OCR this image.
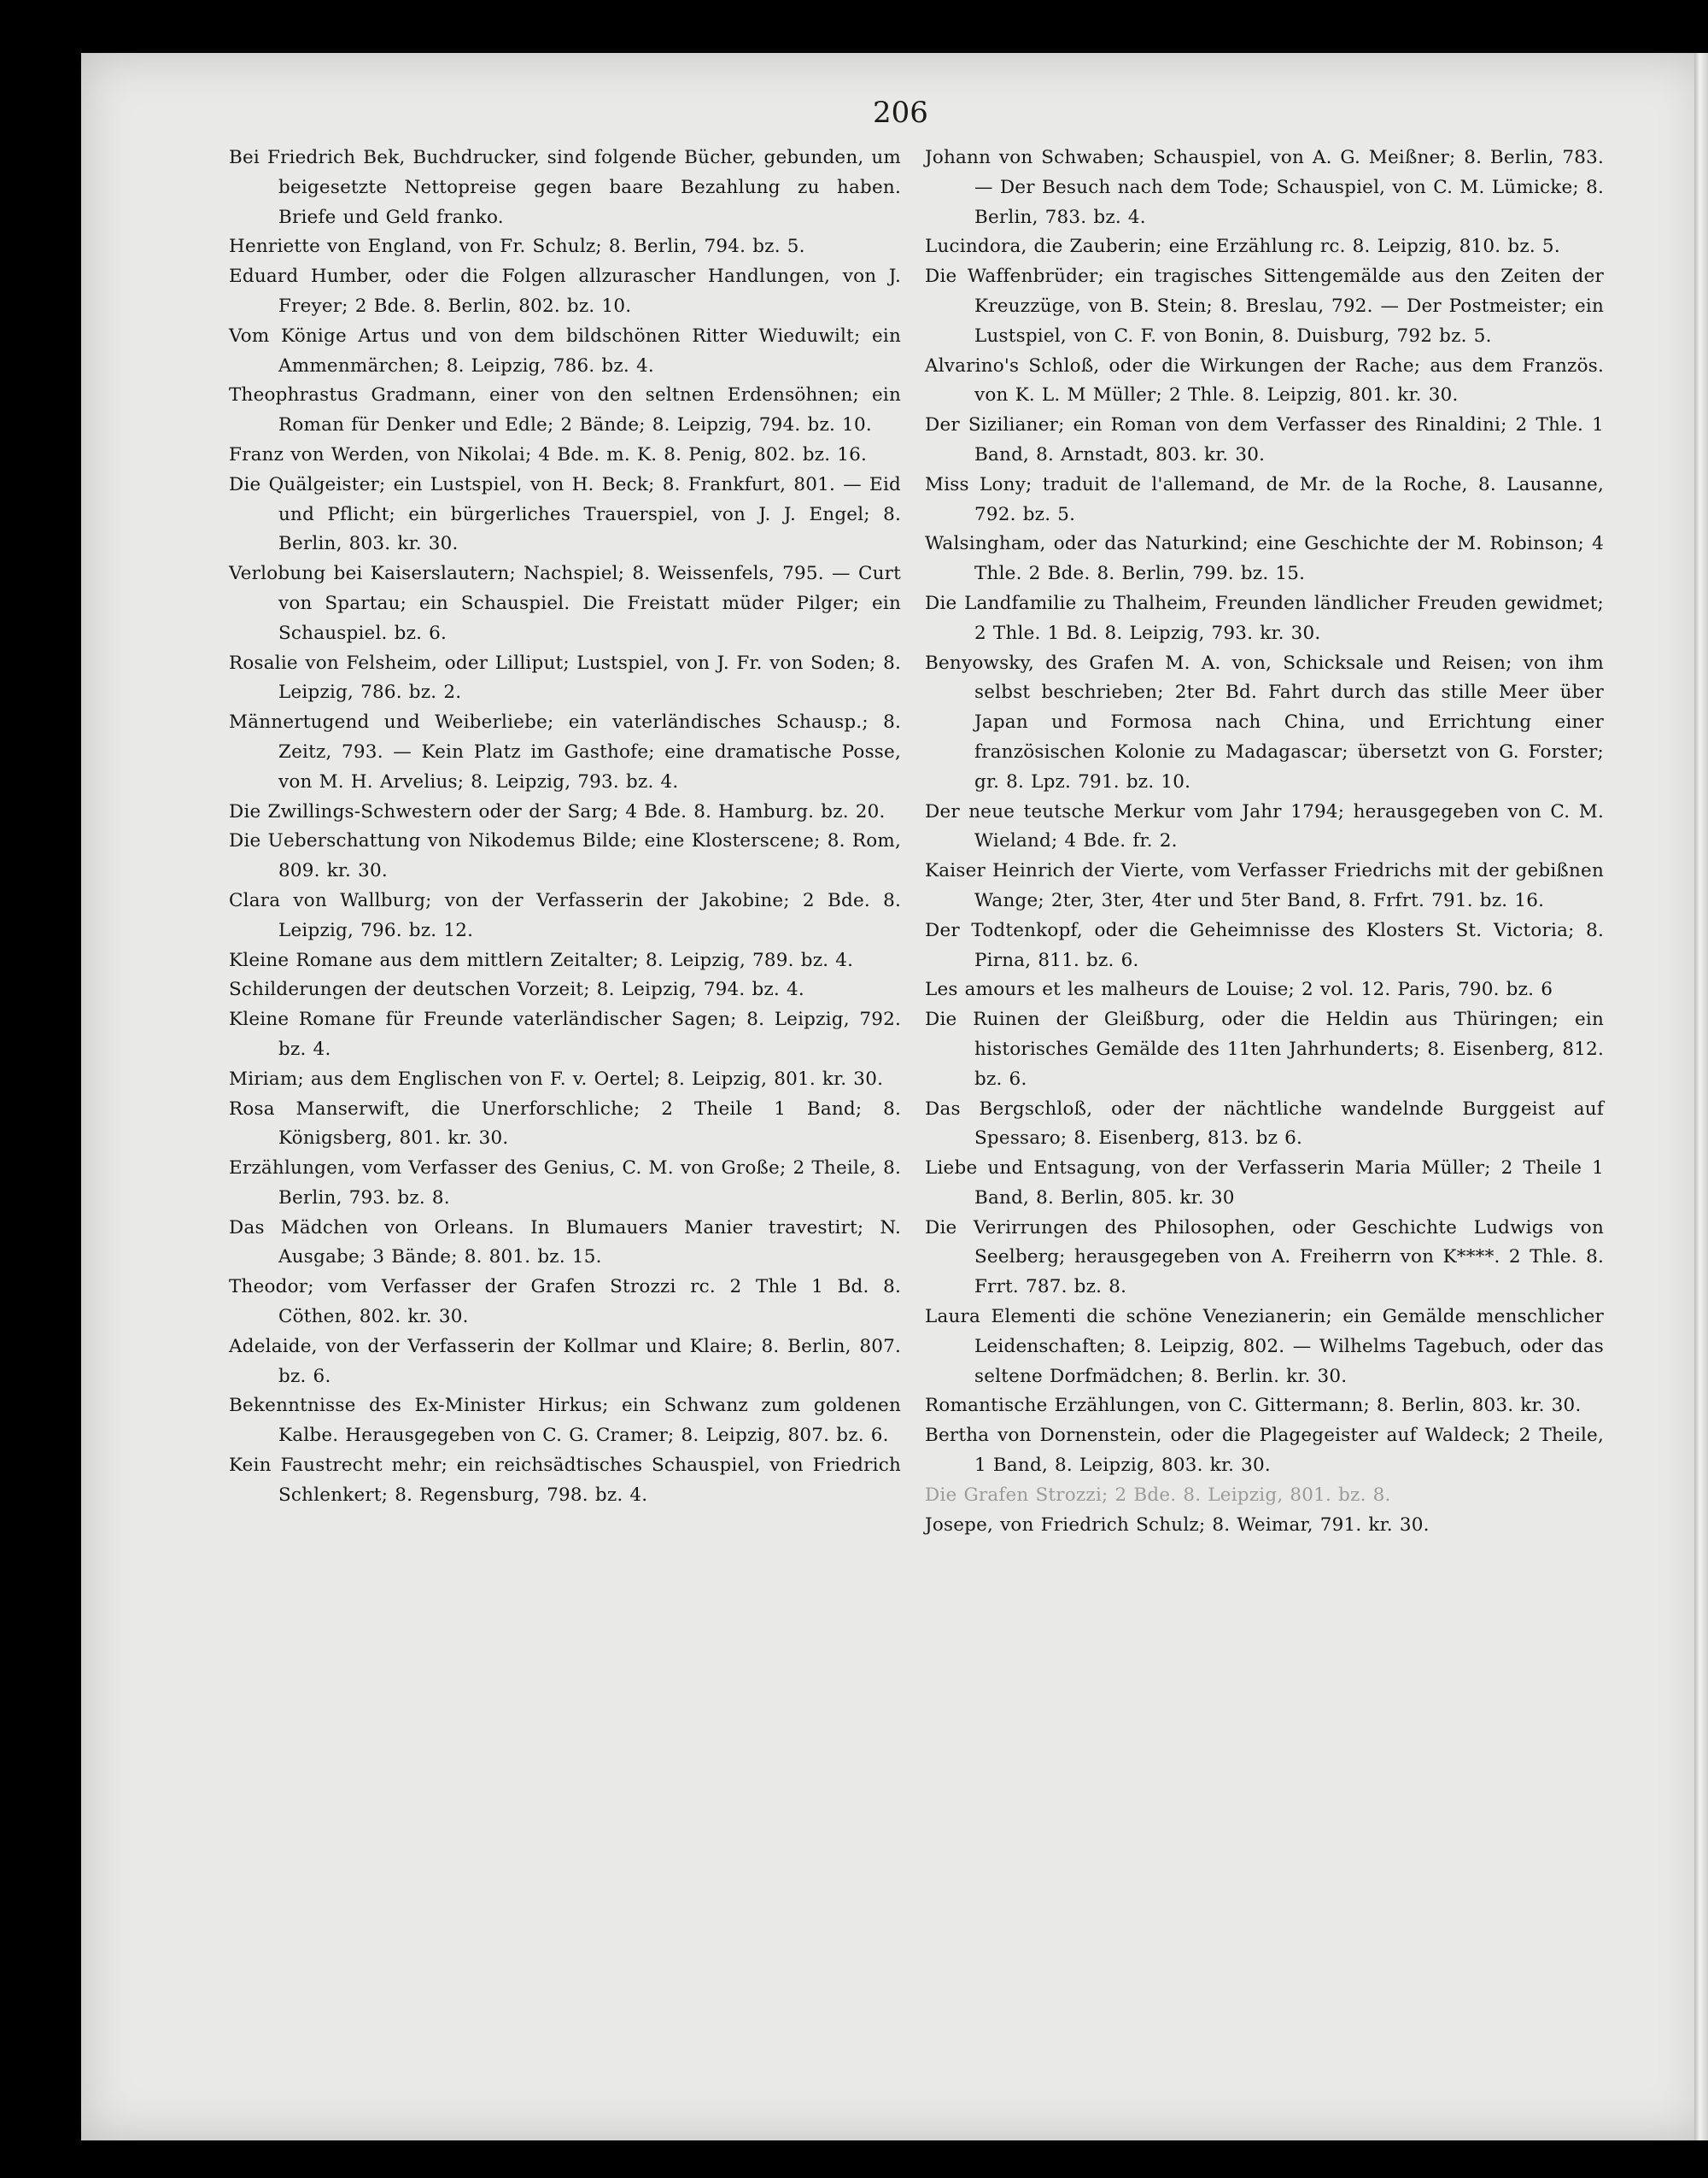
206

Bei Friedrich Bek, Buchdrucker, sind folgende Bücher, gebunden, um beigesetzte Nettopreise gegen baare Bezahlung zu haben. Briefe und Geld franko.

Henriette von England, von Fr. Schulz; 8. Berlin, 794. bz. 5.

Eduard Humber, oder die Folgen allzurascher Handlungen, von J. Freyer; 2 Bde. 8. Berlin, 802. bz. 10.

Vom Könige Artus und von dem bildschönen Ritter Wieduwilt; ein Ammenmärchen; 8. Leipzig, 786. bz. 4.

Theophrastus Gradmann, einer von den seltnen Erdensöhnen; ein Roman für Denker und Edle; 2 Bände; 8. Leipzig, 794. bz. 10.

Franz von Werden, von Nikolai; 4 Bde. m. K. 8. Penig, 802. bz. 16.

Die Quälgeister; ein Lustspiel, von H. Beck; 8. Frankfurt, 801. — Eid und Pflicht; ein bürgerliches Trauerspiel, von J. J. Engel; 8. Berlin, 803. kr. 30.

Verlobung bei Kaiserslautern; Nachspiel; 8. Weissenfels, 795. — Curt von Spartau; ein Schauspiel. Die Freistatt müder Pilger; ein Schauspiel. bz. 6.

Rosalie von Felsheim, oder Lilliput; Lustspiel, von J. Fr. von Soden; 8. Leipzig, 786. bz. 2.

Männertugend und Weiberliebe; ein vaterländisches Schausp.; 8. Zeitz, 793. — Kein Platz im Gasthofe; eine dramatische Posse, von M. H. Arvelius; 8. Leipzig, 793. bz. 4.

Die Zwillings-Schwestern oder der Sarg; 4 Bde. 8. Hamburg. bz. 20.

Die Ueberschattung von Nikodemus Bilde; eine Klosterscene; 8. Rom, 809. kr. 30.

Clara von Wallburg; von der Verfasserin der Jakobine; 2 Bde. 8. Leipzig, 796. bz. 12.

Kleine Romane aus dem mittlern Zeitalter; 8. Leipzig, 789. bz. 4.

Schilderungen der deutschen Vorzeit; 8. Leipzig, 794. bz. 4.

Kleine Romane für Freunde vaterländischer Sagen; 8. Leipzig, 792. bz. 4.

Miriam; aus dem Englischen von F. v. Oertel; 8. Leipzig, 801. kr. 30.

Rosa Manserwift, die Unerforschliche; 2 Theile 1 Band; 8. Königsberg, 801. kr. 30.

Erzählungen, vom Verfasser des Genius, C. M. von Große; 2 Theile, 8. Berlin, 793. bz. 8.

Das Mädchen von Orleans. In Blumauers Manier travestirt; N. Ausgabe; 3 Bände; 8. 801. bz. 15.

Theodor; vom Verfasser der Grafen Strozzi rc. 2 Thle 1 Bd. 8. Cöthen, 802. kr. 30.

Adelaide, von der Verfasserin der Kollmar und Klaire; 8. Berlin, 807. bz. 6.

Bekenntnisse des Ex-Minister Hirkus; ein Schwanz zum goldenen Kalbe. Herausgegeben von C. G. Cramer; 8. Leipzig, 807. bz. 6.

Kein Faustrecht mehr; ein reichsädtisches Schauspiel, von Friedrich Schlenkert; 8. Regensburg, 798. bz. 4.

Johann von Schwaben; Schauspiel, von A. G. Meißner; 8. Berlin, 783. — Der Besuch nach dem Tode; Schauspiel, von C. M. Lümicke; 8. Berlin, 783. bz. 4.

Lucindora, die Zauberin; eine Erzählung rc. 8. Leipzig, 810. bz. 5.

Die Waffenbrüder; ein tragisches Sittengemälde aus den Zeiten der Kreuzzüge, von B. Stein; 8. Breslau, 792. — Der Postmeister; ein Lustspiel, von C. F. von Bonin, 8. Duisburg, 792 bz. 5.

Alvarino's Schloß, oder die Wirkungen der Rache; aus dem Französ. von K. L. M Müller; 2 Thle. 8. Leipzig, 801. kr. 30.

Der Sizilianer; ein Roman von dem Verfasser des Rinaldini; 2 Thle. 1 Band, 8. Arnstadt, 803. kr. 30.

Miss Lony; traduit de l'allemand, de Mr. de la Roche, 8. Lausanne, 792. bz. 5.

Walsingham, oder das Naturkind; eine Geschichte der M. Robinson; 4 Thle. 2 Bde. 8. Berlin, 799. bz. 15.

Die Landfamilie zu Thalheim, Freunden ländlicher Freuden gewidmet; 2 Thle. 1 Bd. 8. Leipzig, 793. kr. 30.

Benyowsky, des Grafen M. A. von, Schicksale und Reisen; von ihm selbst beschrieben; 2ter Bd. Fahrt durch das stille Meer über Japan und Formosa nach China, und Errichtung einer französischen Kolonie zu Madagascar; übersetzt von G. Forster; gr. 8. Lpz. 791. bz. 10.

Der neue teutsche Merkur vom Jahr 1794; herausgegeben von C. M. Wieland; 4 Bde. fr. 2.

Kaiser Heinrich der Vierte, vom Verfasser Friedrichs mit der gebißnen Wange; 2ter, 3ter, 4ter und 5ter Band, 8. Frfrt. 791. bz. 16.

Der Todtenkopf, oder die Geheimnisse des Klosters St. Victoria; 8. Pirna, 811. bz. 6.

Les amours et les malheurs de Louise; 2 vol. 12. Paris, 790. bz. 6

Die Ruinen der Gleißburg, oder die Heldin aus Thüringen; ein historisches Gemälde des 11ten Jahrhunderts; 8. Eisenberg, 812. bz. 6.

Das Bergschloß, oder der nächtliche wandelnde Burggeist auf Spessaro; 8. Eisenberg, 813. bz 6.

Liebe und Entsagung, von der Verfasserin Maria Müller; 2 Theile 1 Band, 8. Berlin, 805. kr. 30

Die Verirrungen des Philosophen, oder Geschichte Ludwigs von Seelberg; herausgegeben von A. Freiherrn von K****. 2 Thle. 8. Frrt. 787. bz. 8.

Laura Elementi die schöne Venezianerin; ein Gemälde menschlicher Leidenschaften; 8. Leipzig, 802. — Wilhelms Tagebuch, oder das seltene Dorfmädchen; 8. Berlin. kr. 30.

Romantische Erzählungen, von C. Gittermann; 8. Berlin, 803. kr. 30.

Bertha von Dornenstein, oder die Plagegeister auf Waldeck; 2 Theile, 1 Band, 8. Leipzig, 803. kr. 30.

Die Grafen Strozzi; 2 Bde. 8. Leipzig, 801. bz. 8.

Josepe, von Friedrich Schulz; 8. Weimar, 791. kr. 30.
